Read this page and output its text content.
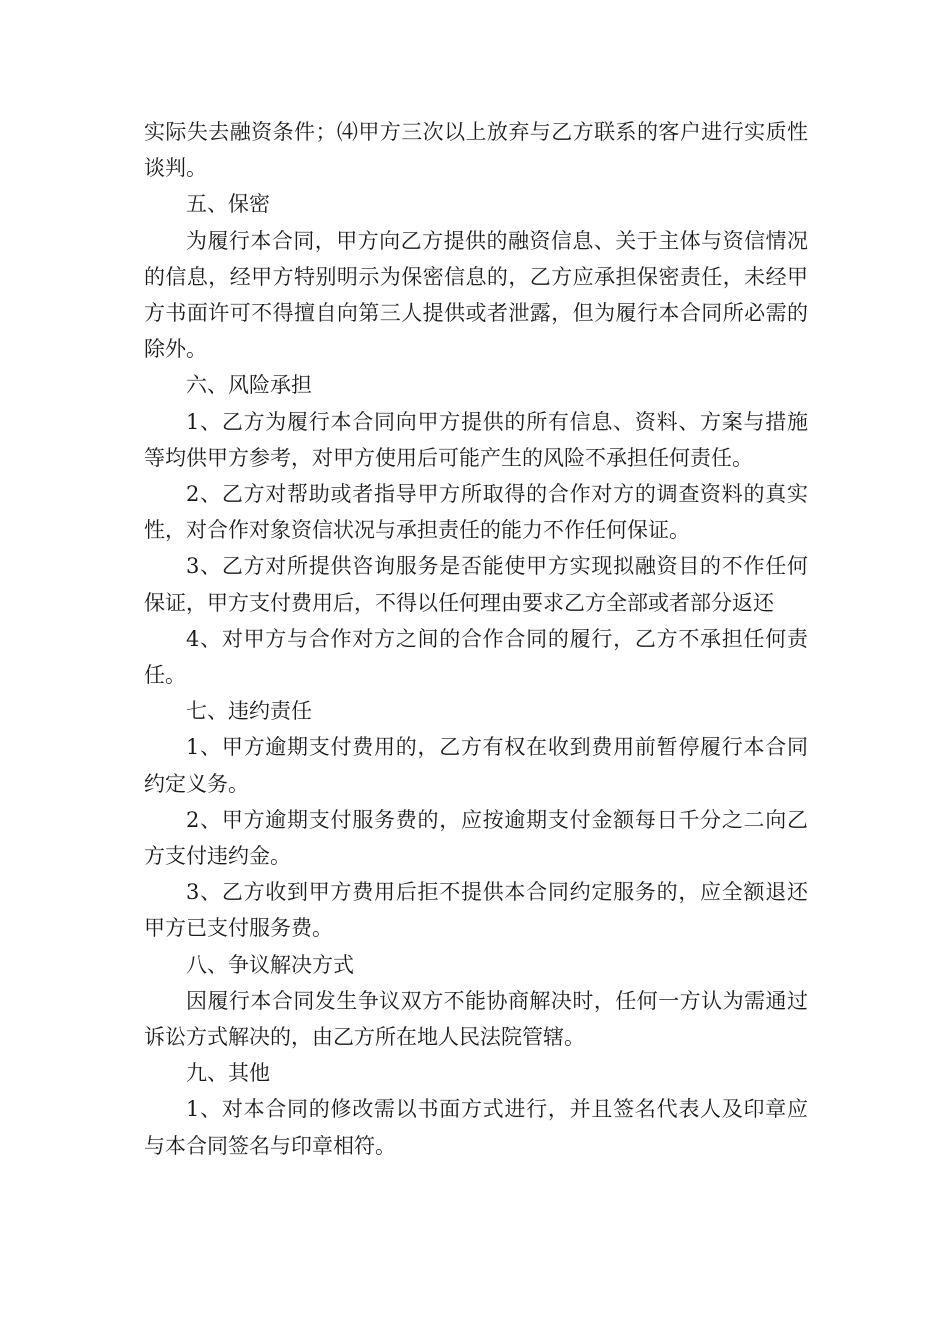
实际失去融资条件；⑷甲方三次以上放弃与乙方联系的客户进行实质性谈判。

五、保密

为履行本合同，甲方向乙方提供的融资信息、关于主体与资信情况的信息，经甲方特别明示为保密信息的，乙方应承担保密责任，未经甲方书面许可不得擅自向第三人提供或者泄露，但为履行本合同所必需的除外。

六、风险承担

1、乙方为履行本合同向甲方提供的所有信息、资料、方案与措施等均供甲方参考，对甲方使用后可能产生的风险不承担任何责任。

2、乙方对帮助或者指导甲方所取得的合作对方的调查资料的真实性，对合作对象资信状况与承担责任的能力不作任何保证。

3、乙方对所提供咨询服务是否能使甲方实现拟融资目的不作任何保证，甲方支付费用后，不得以任何理由要求乙方全部或者部分返还

4、对甲方与合作对方之间的合作合同的履行，乙方不承担任何责任。

七、违约责任

1、甲方逾期支付费用的，乙方有权在收到费用前暂停履行本合同约定义务。

2、甲方逾期支付服务费的，应按逾期支付金额每日千分之二向乙方支付违约金。

3、乙方收到甲方费用后拒不提供本合同约定服务的，应全额退还甲方已支付服务费。

八、争议解决方式

因履行本合同发生争议双方不能协商解决时，任何一方认为需通过诉讼方式解决的，由乙方所在地人民法院管辖。

九、其他

1、对本合同的修改需以书面方式进行，并且签名代表人及印章应与本合同签名与印章相符。
